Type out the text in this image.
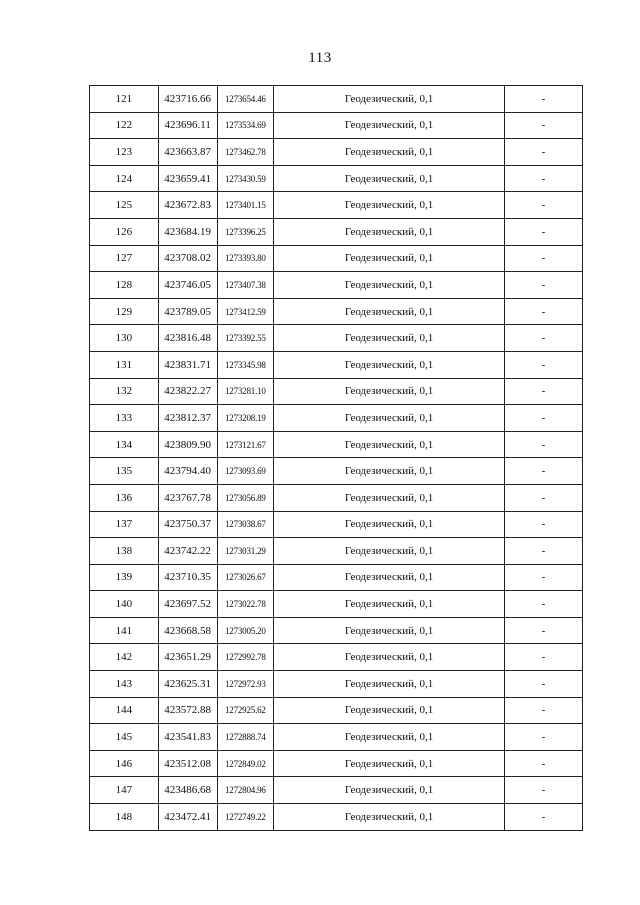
113
121	423716.66	1273654.46	Геодезический, 0,1	-
122	423696.11	1273534.69	Геодезический, 0,1	-
123	423663.87	1273462.78	Геодезический, 0,1	-
124	423659.41	1273430.59	Геодезический, 0,1	-
125	423672.83	1273401.15	Геодезический, 0,1	-
126	423684.19	1273396.25	Геодезический, 0,1	-
127	423708.02	1273393.80	Геодезический, 0,1	-
128	423746.05	1273407.38	Геодезический, 0,1	-
129	423789.05	1273412.59	Геодезический, 0,1	-
130	423816.48	1273392.55	Геодезический, 0,1	-
131	423831.71	1273345.98	Геодезический, 0,1	-
132	423822.27	1273281.10	Геодезический, 0,1	-
133	423812.37	1273208.19	Геодезический, 0,1	-
134	423809.90	1273121.67	Геодезический, 0,1	-
135	423794.40	1273093.69	Геодезический, 0,1	-
136	423767.78	1273056.89	Геодезический, 0,1	-
137	423750.37	1273038.67	Геодезический, 0,1	-
138	423742.22	1273031.29	Геодезический, 0,1	-
139	423710.35	1273026.67	Геодезический, 0,1	-
140	423697.52	1273022.78	Геодезический, 0,1	-
141	423668.58	1273005.20	Геодезический, 0,1	-
142	423651.29	1272992.78	Геодезический, 0,1	-
143	423625.31	1272972.93	Геодезический, 0,1	-
144	423572.88	1272925.62	Геодезический, 0,1	-
145	423541.83	1272888.74	Геодезический, 0,1	-
146	423512.08	1272849.02	Геодезический, 0,1	-
147	423486.68	1272804.96	Геодезический, 0,1	-
148	423472.41	1272749.22	Геодезический, 0,1	-
